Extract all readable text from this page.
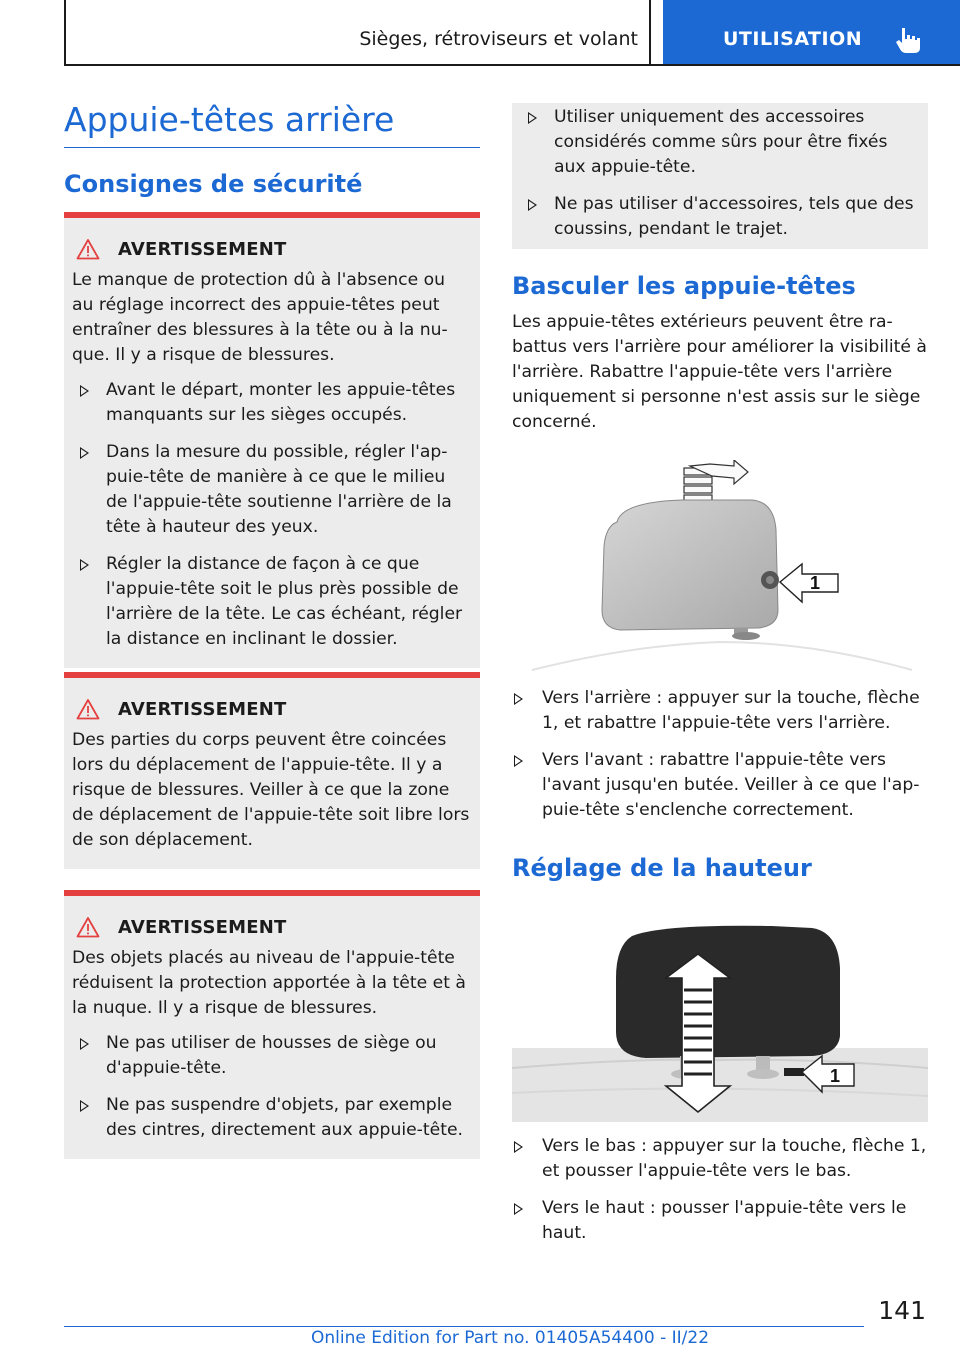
Sièges, rétroviseurs et volant	UTILISATION
Appuie-têtes arrière
Consignes de sécurité
AVERTISSEMENT

Le manque de protection dû à l'absence ou au réglage incorrect des appuie-têtes peut entraîner des blessures à la tête ou à la nu-que. Il y a risque de blessures.

Avant le départ, monter les appuie-têtes manquants sur les sièges occupés.
Dans la mesure du possible, régler l'ap-puie-tête de manière à ce que le milieu de l'appuie-tête soutienne l'arrière de la tête à hauteur des yeux.
Régler la distance de façon à ce que l'appuie-tête soit le plus près possible de l'arrière de la tête. Le cas échéant, régler la distance en inclinant le dossier.
AVERTISSEMENT

Des parties du corps peuvent être coincées lors du déplacement de l'appuie-tête. Il y a risque de blessures. Veiller à ce que la zone de déplacement de l'appuie-tête soit libre lors de son déplacement.

AVERTISSEMENT

Des objets placés au niveau de l'appuie-tête réduisent la protection apportée à la tête et à la nuque. Il y a risque de blessures.

Ne pas utiliser de housses de siège ou d'appuie-tête.
Ne pas suspendre d'objets, par exemple des cintres, directement aux appuie-tête.
Utiliser uniquement des accessoires considérés comme sûrs pour être fixés aux appuie-tête.
Ne pas utiliser d'accessoires, tels que des coussins, pendant le trajet.
Basculer les appuie-têtes

Les appuie-têtes extérieurs peuvent être ra-battus vers l'arrière pour améliorer la visibilité à l'arrière. Rabattre l'appuie-tête vers l'arrière uniquement si personne n'est assis sur le siège concerné.

1
Vers l'arrière : appuyer sur la touche, flèche 1, et rabattre l'appuie-tête vers l'arrière.
Vers l'avant : rabattre l'appuie-tête vers l'avant jusqu'en butée. Veiller à ce que l'ap-puie-tête s'enclenche correctement.
Réglage de la hauteur
1
Vers le bas : appuyer sur la touche, flèche 1, et pousser l'appuie-tête vers le bas.
Vers le haut : pousser l'appuie-tête vers le haut.
141
Online Edition for Part no. 01405A54400 - II/22
